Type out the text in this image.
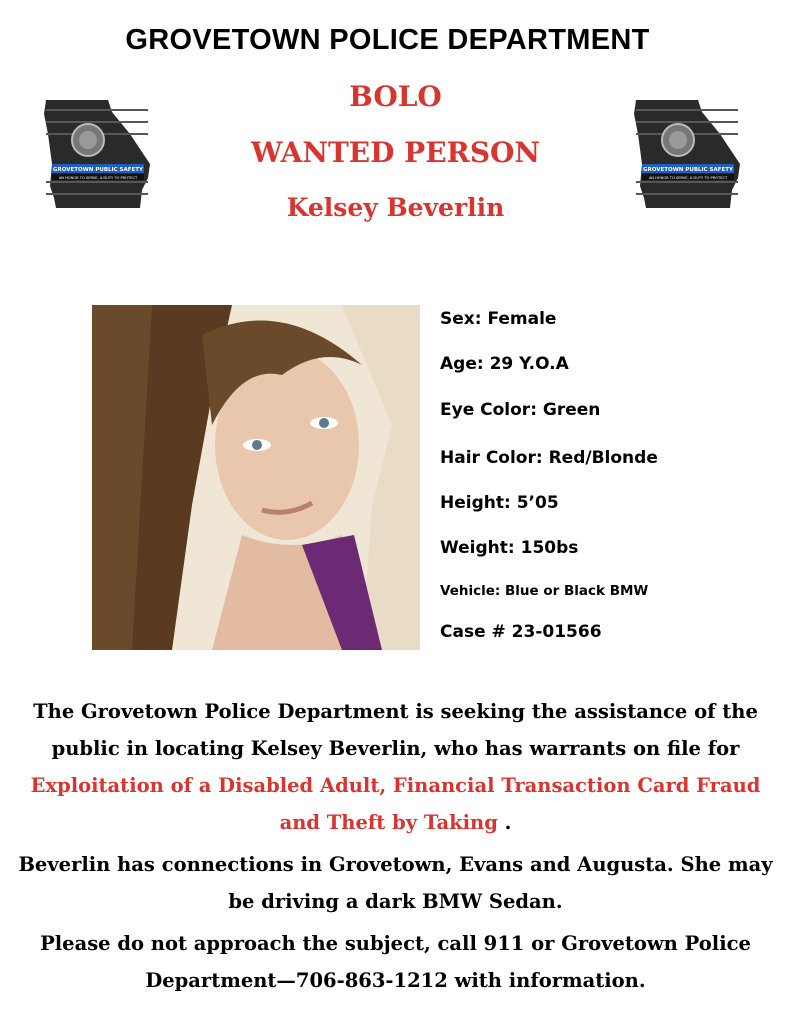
GROVETOWN POLICE DEPARTMENT
GROVETOWN PUBLIC SAFETY
AN HONOR TO SERVE, A DUTY TO PROTECT
GROVETOWN PUBLIC SAFETY
AN HONOR TO SERVE, A DUTY TO PROTECT
BOLO
WANTED PERSON
Kelsey Beverlin
Sex: Female
Age: 29 Y.O.A
Eye Color: Green
Hair Color: Red/Blonde
Height: 5’05
Weight: 150bs
Vehicle: Blue or Black BMW
Case # 23-01566
The Grovetown Police Department is seeking the assistance of the public in locating Kelsey Beverlin, who has warrants on file for Exploitation of a Disabled Adult, Financial Transaction Card Fraud and Theft by Taking .
Beverlin has connections in Grovetown, Evans and Augusta. She may be driving a dark BMW Sedan.
Please do not approach the subject, call 911 or Grovetown Police Department—706-863-1212 with information.
